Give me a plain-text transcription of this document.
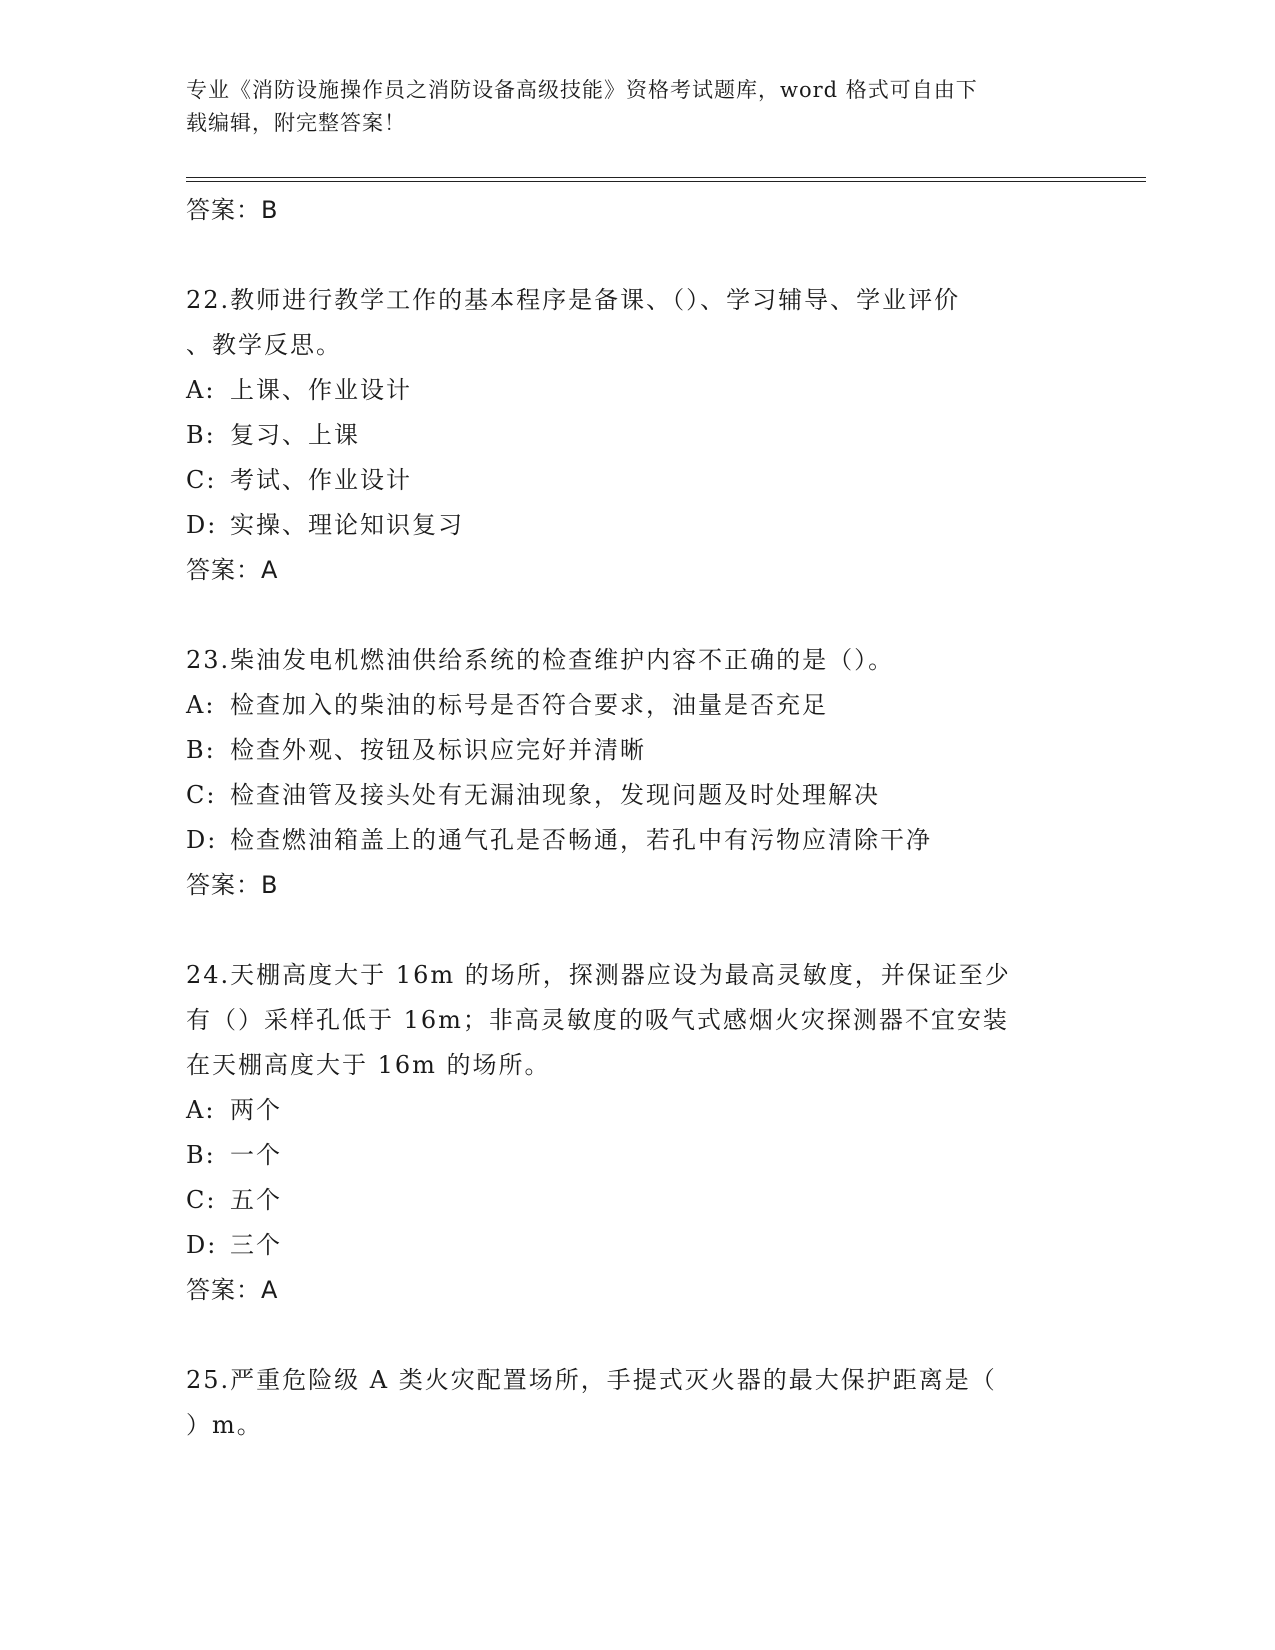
专业《消防设施操作员之消防设备高级技能》资格考试题库，word 格式可自由下
载编辑，附完整答案！
答案：B
22.教师进行教学工作的基本程序是备课、（）、学习辅导、学业评价
、教学反思。
A: 上课、作业设计
B: 复习、上课
C: 考试、作业设计
D: 实操、理论知识复习
答案：A
23.柴油发电机燃油供给系统的检查维护内容不正确的是（）。
A: 检查加入的柴油的标号是否符合要求，油量是否充足
B: 检查外观、按钮及标识应完好并清晰
C: 检查油管及接头处有无漏油现象，发现问题及时处理解决
D: 检查燃油箱盖上的通气孔是否畅通，若孔中有污物应清除干净
答案：B
24.天棚高度大于 16m 的场所，探测器应设为最高灵敏度，并保证至少
有（）采样孔低于 16m；非高灵敏度的吸气式感烟火灾探测器不宜安装
在天棚高度大于 16m 的场所。
A: 两个
B: 一个
C: 五个
D: 三个
答案：A
25.严重危险级 A 类火灾配置场所，手提式灭火器的最大保护距离是（
）m。
